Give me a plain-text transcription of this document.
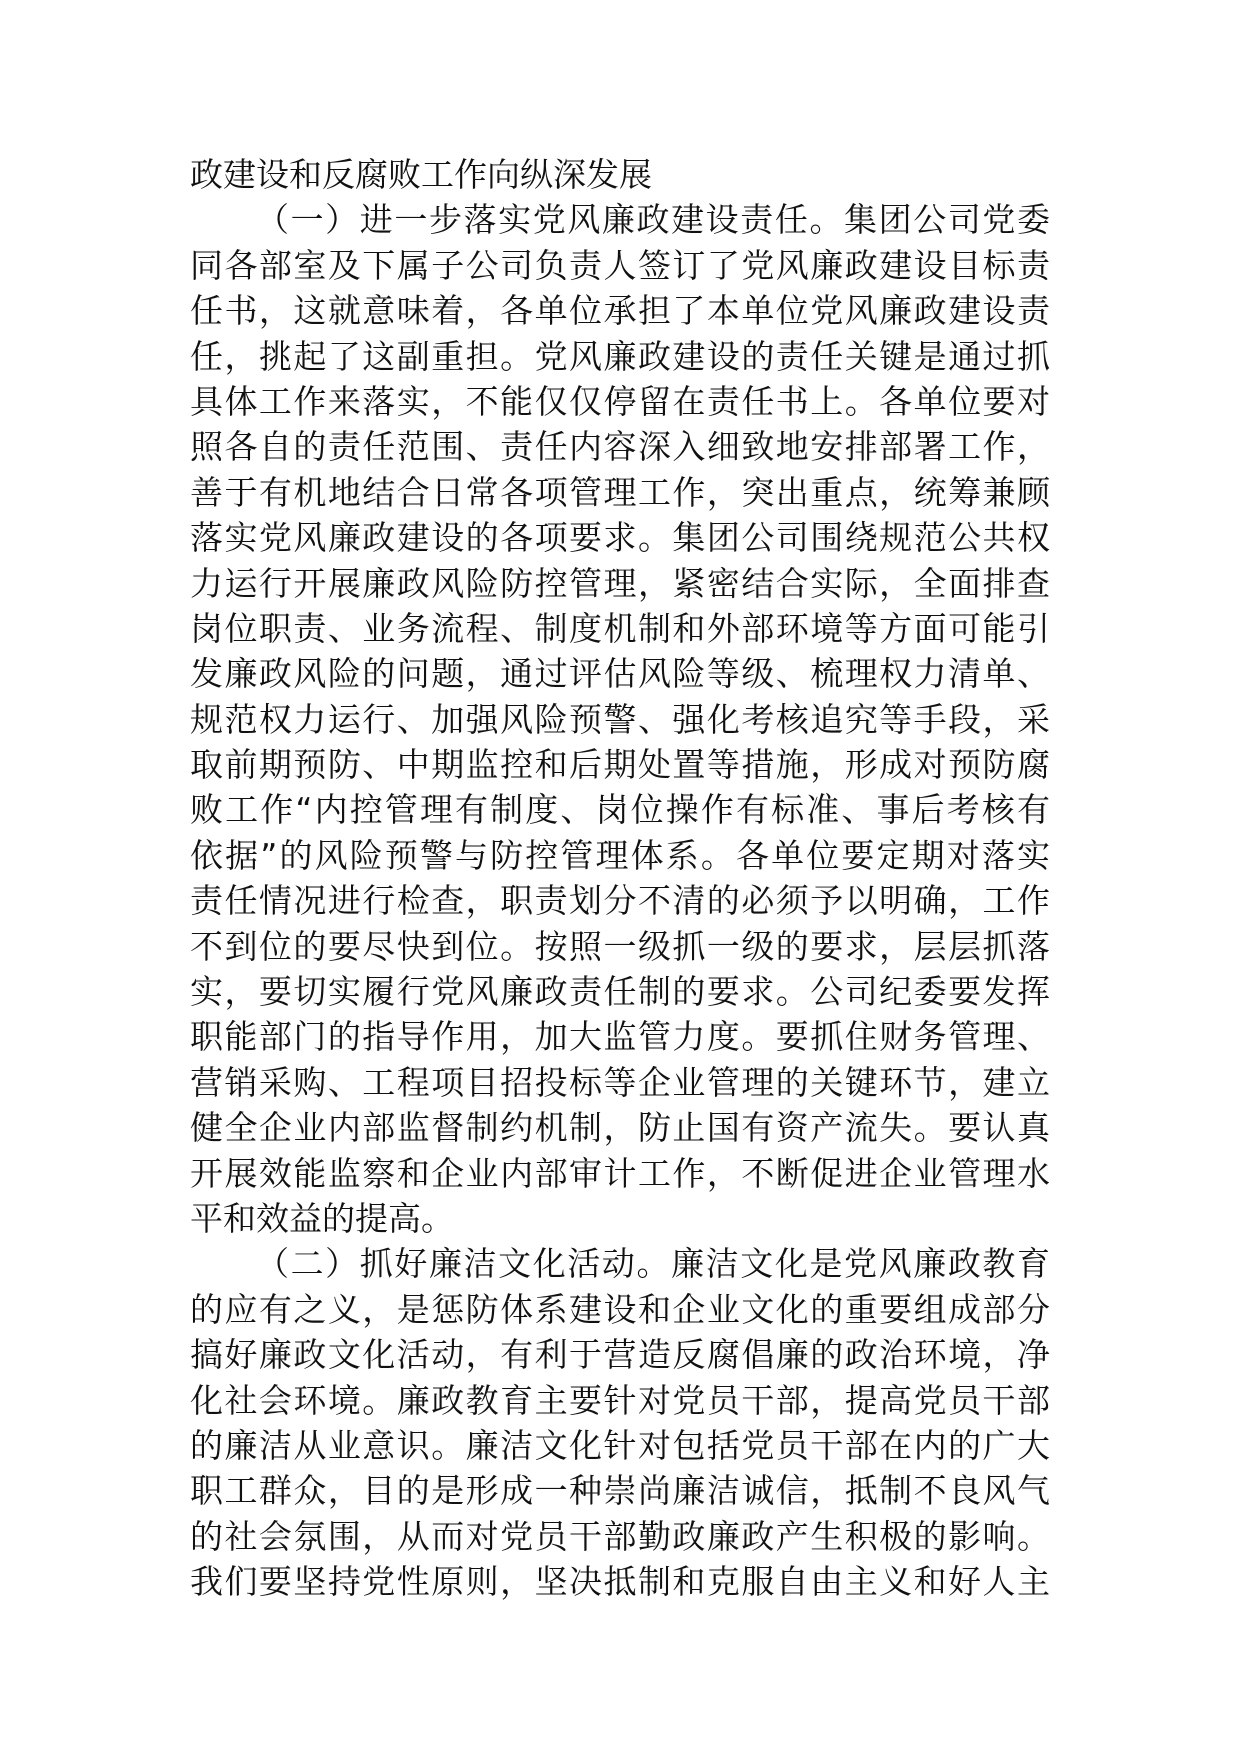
政建设和反腐败工作向纵深发展
（一）进一步落实党风廉政建设责任。集团公司党委
同各部室及下属子公司负责人签订了党风廉政建设目标责
任书，这就意味着，各单位承担了本单位党风廉政建设责
任，挑起了这副重担。党风廉政建设的责任关键是通过抓
具体工作来落实，不能仅仅停留在责任书上。各单位要对
照各自的责任范围、责任内容深入细致地安排部署工作，
善于有机地结合日常各项管理工作，突出重点，统筹兼顾
落实党风廉政建设的各项要求。集团公司围绕规范公共权
力运行开展廉政风险防控管理，紧密结合实际，全面排查
岗位职责、业务流程、制度机制和外部环境等方面可能引
发廉政风险的问题，通过评估风险等级、梳理权力清单、
规范权力运行、加强风险预警、强化考核追究等手段，采
取前期预防、中期监控和后期处置等措施，形成对预防腐
败工作“内控管理有制度、岗位操作有标准、事后考核有
依据”的风险预警与防控管理体系。各单位要定期对落实
责任情况进行检查，职责划分不清的必须予以明确，工作
不到位的要尽快到位。按照一级抓一级的要求，层层抓落
实，要切实履行党风廉政责任制的要求。公司纪委要发挥
职能部门的指导作用，加大监管力度。要抓住财务管理、
营销采购、工程项目招投标等企业管理的关键环节，建立
健全企业内部监督制约机制，防止国有资产流失。要认真
开展效能监察和企业内部审计工作，不断促进企业管理水
平和效益的提高。
（二）抓好廉洁文化活动。廉洁文化是党风廉政教育
的应有之义，是惩防体系建设和企业文化的重要组成部分
搞好廉政文化活动，有利于营造反腐倡廉的政治环境，净
化社会环境。廉政教育主要针对党员干部，提高党员干部
的廉洁从业意识。廉洁文化针对包括党员干部在内的广大
职工群众，目的是形成一种崇尚廉洁诚信，抵制不良风气
的社会氛围，从而对党员干部勤政廉政产生积极的影响。
我们要坚持党性原则，坚决抵制和克服自由主义和好人主
